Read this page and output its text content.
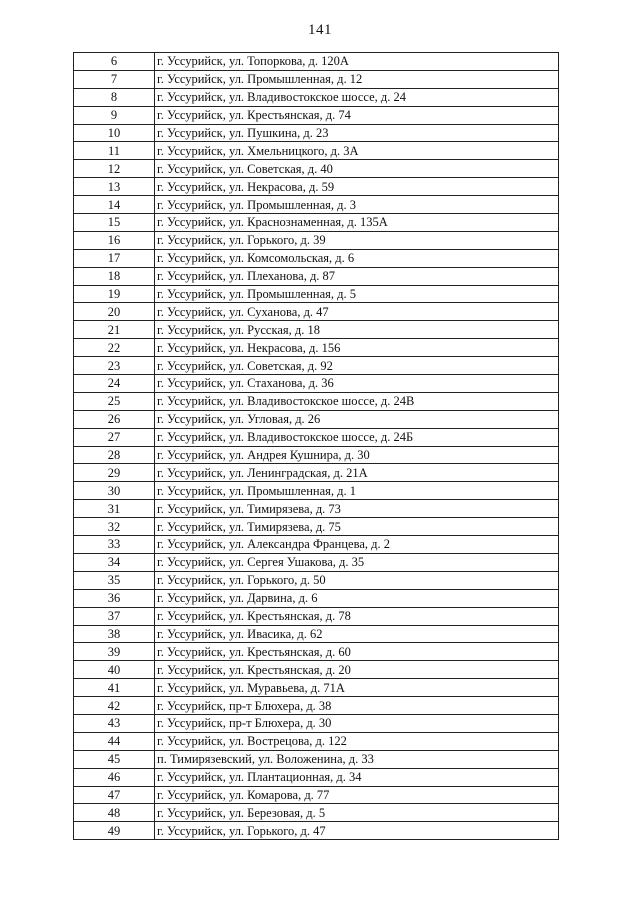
141
6	г. Уссурийск, ул. Топоркова, д. 120А
7	г. Уссурийск, ул. Промышленная, д. 12
8	г. Уссурийск, ул. Владивостокское шоссе, д. 24
9	г. Уссурийск, ул. Крестьянская, д. 74
10	г. Уссурийск, ул. Пушкина, д. 23
11	г. Уссурийск, ул. Хмельницкого, д. 3А
12	г. Уссурийск, ул. Советская, д. 40
13	г. Уссурийск, ул. Некрасова, д. 59
14	г. Уссурийск, ул. Промышленная, д. 3
15	г. Уссурийск, ул. Краснознаменная, д. 135А
16	г. Уссурийск, ул. Горького, д. 39
17	г. Уссурийск, ул. Комсомольская, д. 6
18	г. Уссурийск, ул. Плеханова, д. 87
19	г. Уссурийск, ул. Промышленная, д. 5
20	г. Уссурийск, ул. Суханова, д. 47
21	г. Уссурийск, ул. Русская, д. 18
22	г. Уссурийск, ул. Некрасова, д. 156
23	г. Уссурийск, ул. Советская, д. 92
24	г. Уссурийск, ул. Стаханова, д. 36
25	г. Уссурийск, ул. Владивостокское шоссе, д. 24В
26	г. Уссурийск, ул. Угловая, д. 26
27	г. Уссурийск, ул. Владивостокское шоссе, д. 24Б
28	г. Уссурийск, ул. Андрея Кушнира, д. 30
29	г. Уссурийск, ул. Ленинградская, д. 21А
30	г. Уссурийск, ул. Промышленная, д. 1
31	г. Уссурийск, ул. Тимирязева, д. 73
32	г. Уссурийск, ул. Тимирязева, д. 75
33	г. Уссурийск, ул. Александра Францева, д. 2
34	г. Уссурийск, ул. Сергея Ушакова, д. 35
35	г. Уссурийск, ул. Горького, д. 50
36	г. Уссурийск, ул. Дарвина, д. 6
37	г. Уссурийск, ул. Крестьянская, д. 78
38	г. Уссурийск, ул. Ивасика, д. 62
39	г. Уссурийск, ул. Крестьянская, д. 60
40	г. Уссурийск, ул. Крестьянская, д. 20
41	г. Уссурийск, ул. Муравьева, д. 71А
42	г. Уссурийск, пр-т Блюхера, д. 38
43	г. Уссурийск, пр-т Блюхера, д. 30
44	г. Уссурийск, ул. Вострецова, д. 122
45	п. Тимирязевский, ул. Воложенина, д. 33
46	г. Уссурийск, ул. Плантационная, д. 34
47	г. Уссурийск, ул. Комарова, д. 77
48	г. Уссурийск, ул. Березовая, д. 5
49	г. Уссурийск, ул. Горького, д. 47
